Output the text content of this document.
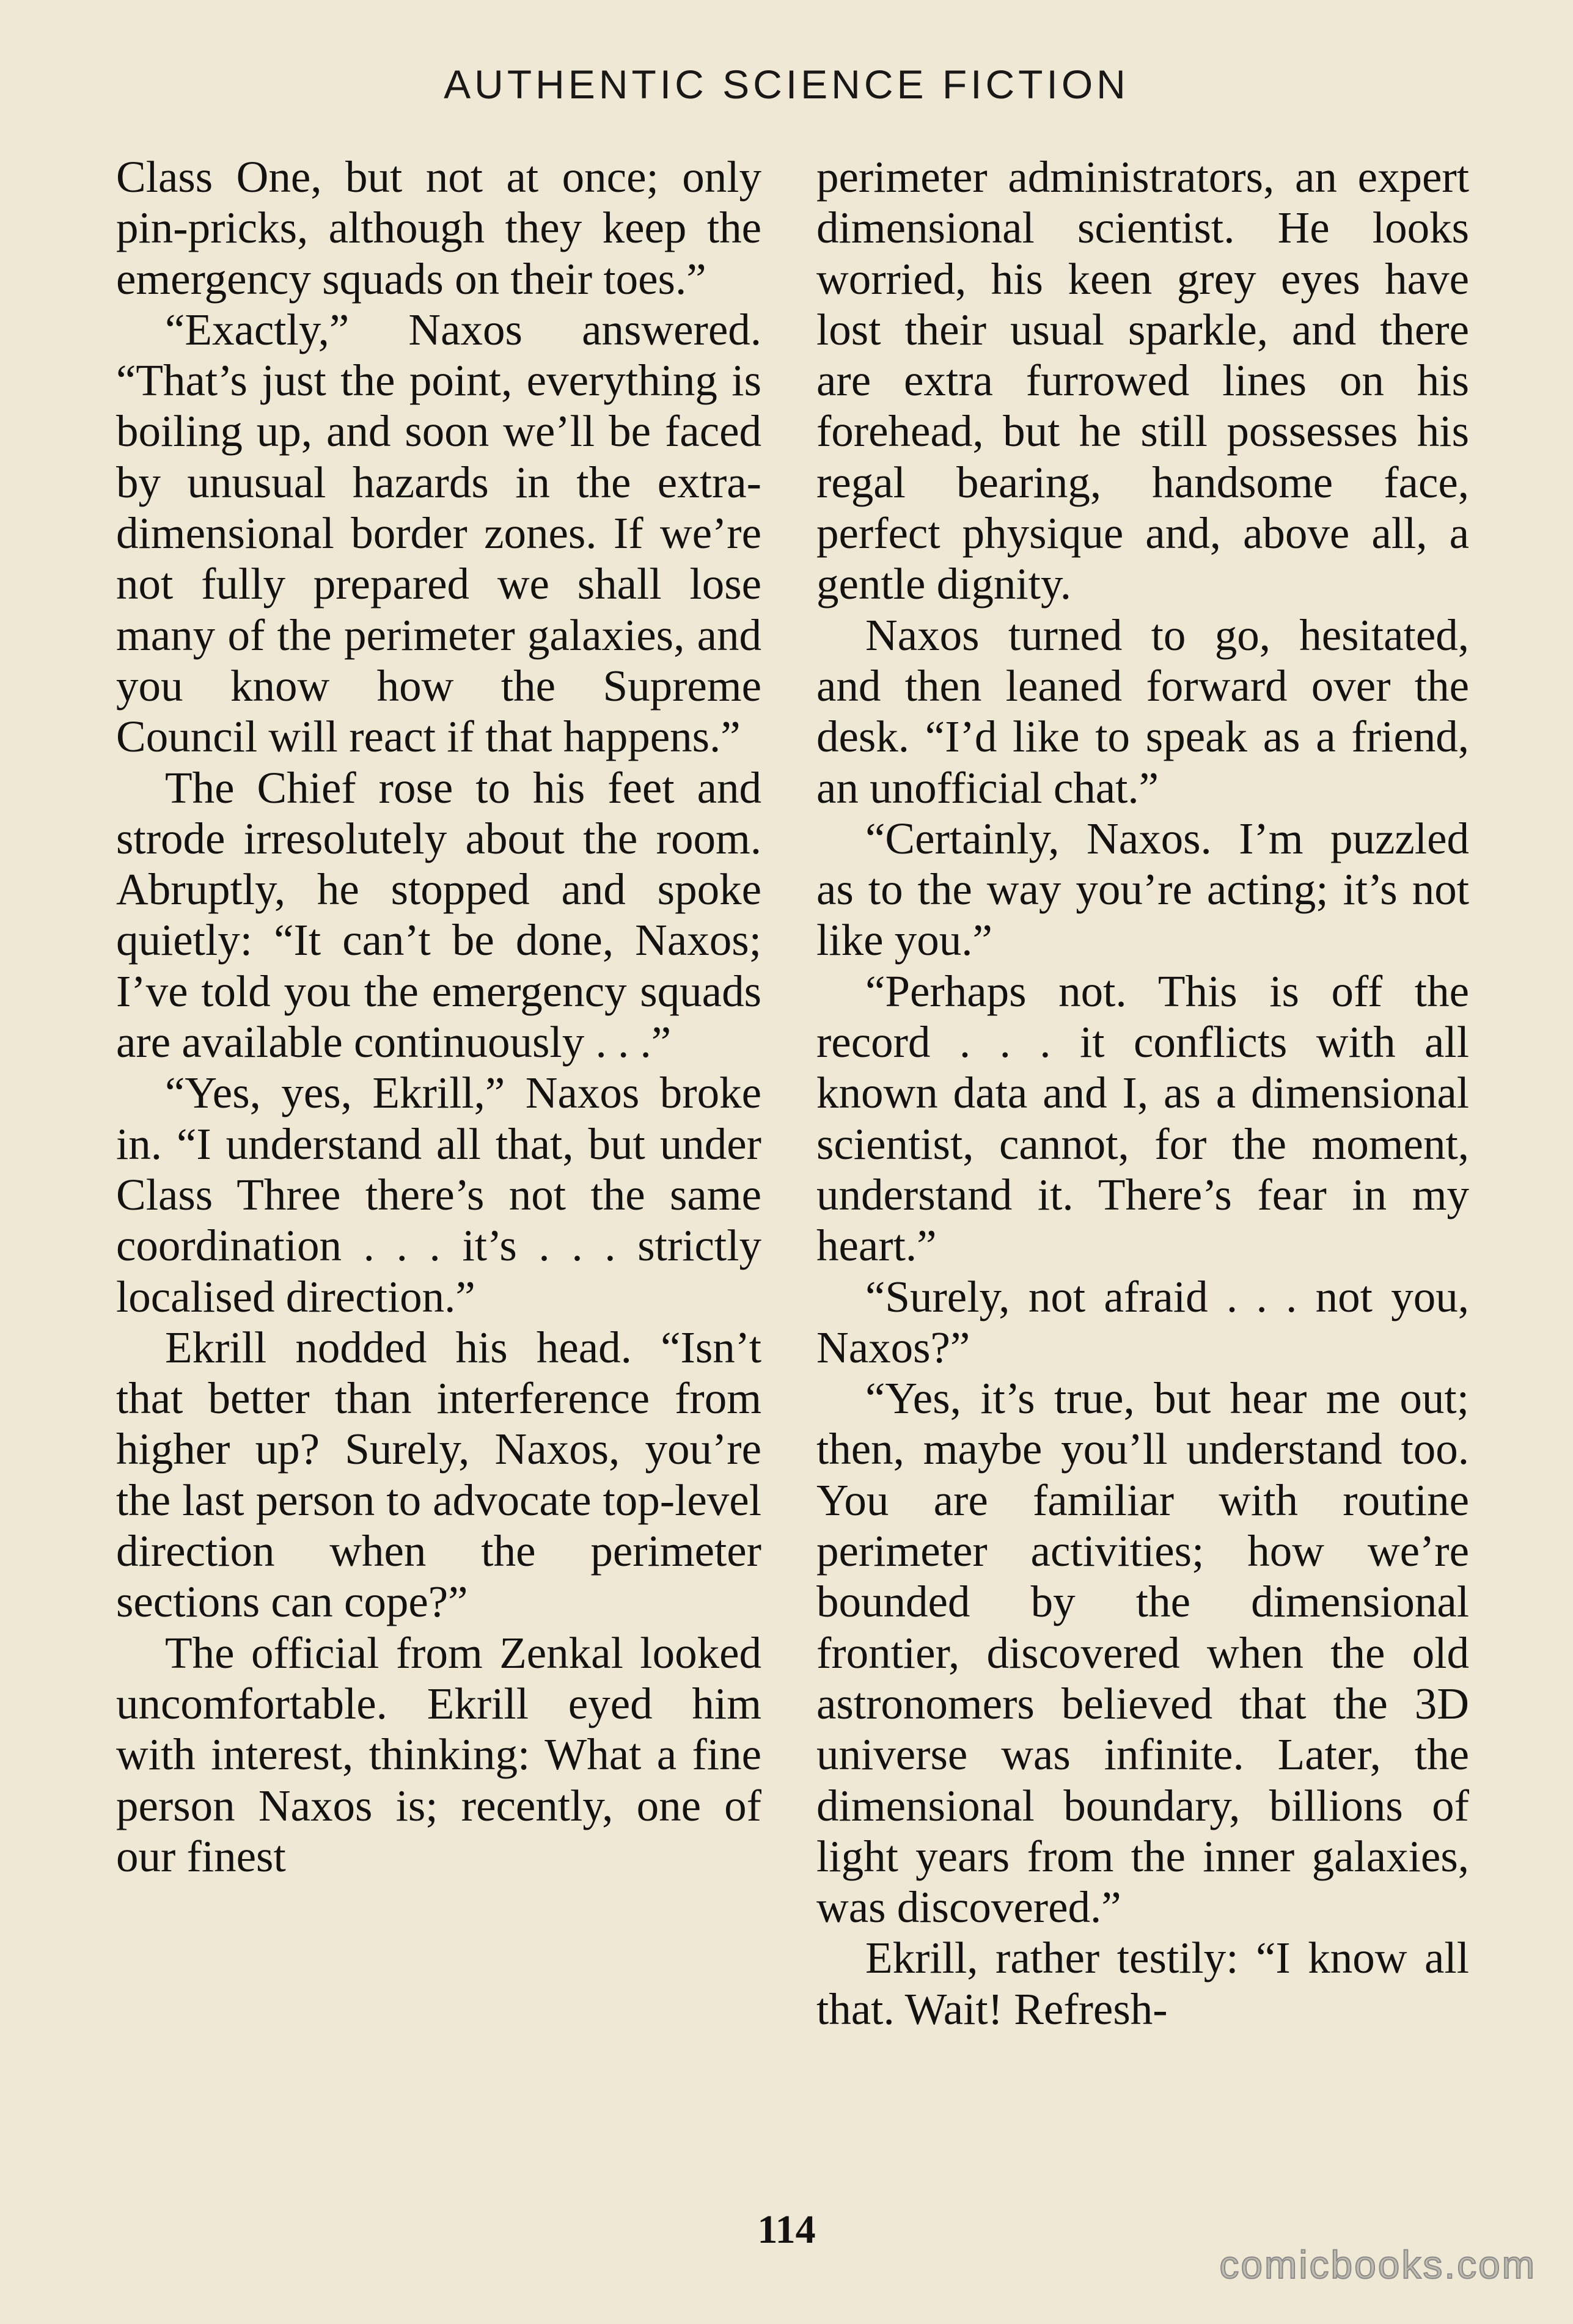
AUTHENTIC SCIENCE FICTION

Class One, but not at once; only pin-pricks, although they keep the emergency squads on their toes.”

“Exactly,” Naxos answered. “That’s just the point, everything is boiling up, and soon we’ll be faced by unusual hazards in the extra-dimensional border zones. If we’re not fully prepared we shall lose many of the perimeter galaxies, and you know how the Supreme Council will react if that happens.”

The Chief rose to his feet and strode irresolutely about the room. Abruptly, he stopped and spoke quietly: “It can’t be done, Naxos; I’ve told you the emergency squads are available continuously . . .”

“Yes, yes, Ekrill,” Naxos broke in. “I understand all that, but under Class Three there’s not the same coordination . . . it’s . . . strictly localised direction.”

Ekrill nodded his head. “Isn’t that better than interference from higher up? Surely, Naxos, you’re the last person to advocate top-level direction when the perimeter sections can cope?”

The official from Zenkal looked uncomfortable. Ekrill eyed him with interest, thinking: What a fine person Naxos is; recently, one of our finest

perimeter administrators, an expert dimensional scientist. He looks worried, his keen grey eyes have lost their usual sparkle, and there are extra furrowed lines on his forehead, but he still possesses his regal bearing, handsome face, perfect physique and, above all, a gentle dignity.

Naxos turned to go, hesitated, and then leaned forward over the desk. “I’d like to speak as a friend, an unofficial chat.”

“Certainly, Naxos. I’m puzzled as to the way you’re acting; it’s not like you.”

“Perhaps not. This is off the record . . . it conflicts with all known data and I, as a dimensional scientist, cannot, for the moment, understand it. There’s fear in my heart.”

“Surely, not afraid . . . not you, Naxos?”

“Yes, it’s true, but hear me out; then, maybe you’ll understand too. You are familiar with routine perimeter activities; how we’re bounded by the dimensional frontier, discovered when the old astronomers believed that the 3D universe was infinite. Later, the dimensional boundary, billions of light years from the inner galaxies, was discovered.”

Ekrill, rather testily: “I know all that. Wait! Refresh-

114
comicbooks.com
